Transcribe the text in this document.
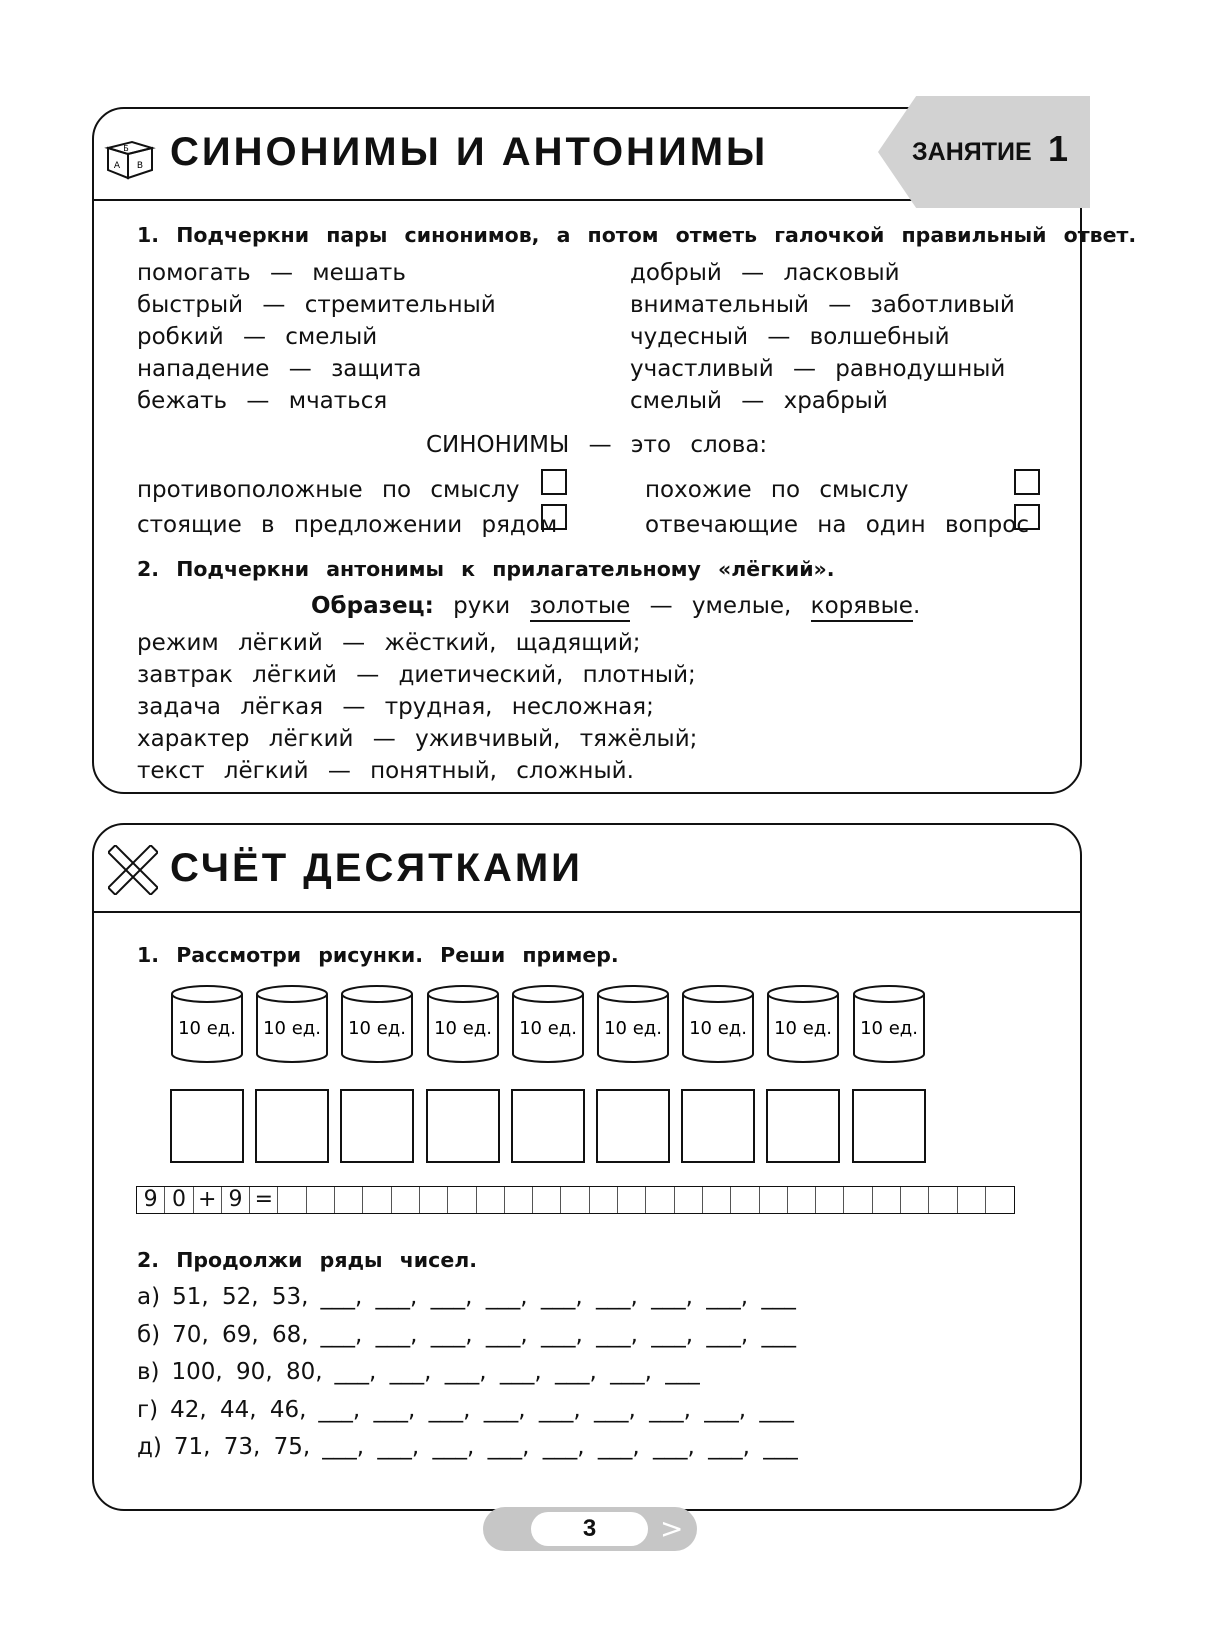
Б
А В СИНОНИМЫ И АНТОНИМЫ	ЗАНЯТИЕ 1
1. Подчеркни пары синонимов, а потом отметь галочкой правильный ответ.
помогать — мешать
быстрый — стремительный
робкий — смелый
нападение — защита
бежать — мчаться
добрый — ласковый
внимательный — заботливый
чудесный — волшебный
участливый — равнодушный
смелый — храбрый
СИНОНИМЫ — это слова:
противоположные по смыслу
стоящие в предложении рядом
похожие по смыслу
отвечающие на один вопрос
2. Подчеркни антонимы к прилагательному «лёгкий».
Образец: руки золотые — умелые, корявые.
режим лёгкий — жёсткий, щадящий;
завтрак лёгкий — диетический, плотный;
задача лёгкая — трудная, несложная;
характер лёгкий — уживчивый, тяжёлый;
текст лёгкий — понятный, сложный.
СЧЁТ ДЕСЯТКАМИ
1. Рассмотри рисунки. Реши пример.
10 ед. 10 ед. 10 ед. 10 ед. 10 ед. 10 ед. 10 ед. 10 ед. 10 ед.
9 0 + 9 =
2. Продолжи ряды чисел.
а) 51, 52, 53, ___, ___, ___, ___, ___, ___, ___, ___, ___
б) 70, 69, 68, ___, ___, ___, ___, ___, ___, ___, ___, ___
в) 100, 90, 80, ___, ___, ___, ___, ___, ___, ___
г) 42, 44, 46, ___, ___, ___, ___, ___, ___, ___, ___, ___
д) 71, 73, 75, ___, ___, ___, ___, ___, ___, ___, ___, ___
3	>
